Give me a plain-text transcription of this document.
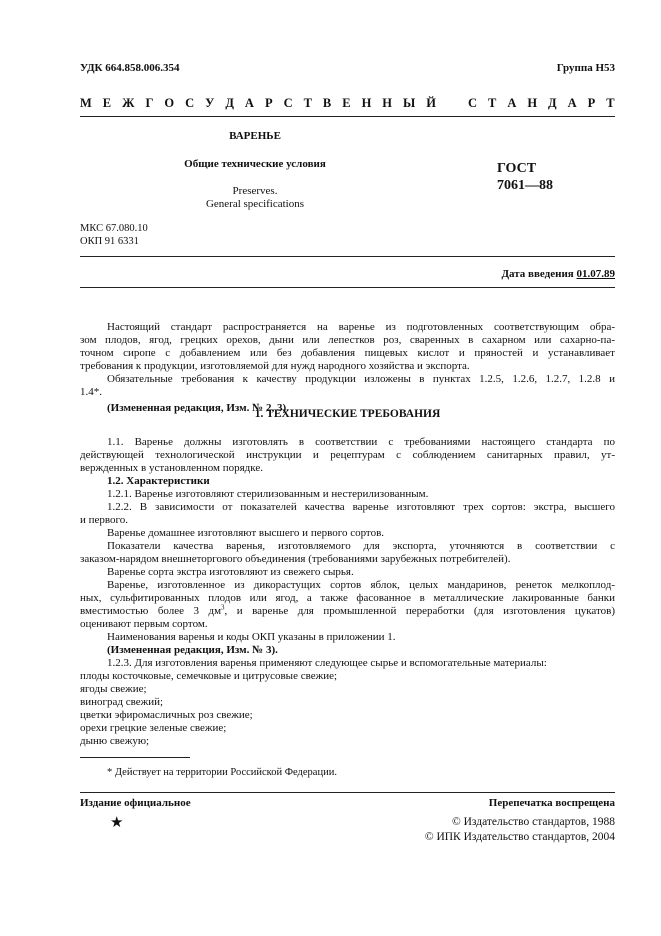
УДК 664.858.006.354	Группа Н53
М Е Ж Г О С У Д А Р С Т В Е Н Н Ы Й	С Т А Н Д А Р Т
ВАРЕНЬЕ
Общие технические условия
Preserves.
General specifications
ГОСТ
7061—88
МКС 67.080.10
ОКП 91 6331
Дата введения 01.07.89

Настоящий стандарт распространяется на варенье из подготовленных соответствующим обра-

зом плодов, ягод, грецких орехов, дыни или лепестков роз, сваренных в сахарном или сахарно-па-

точном сиропе с добавлением или без добавления пищевых кислот и пряностей и устанавливает

требования к продукции, изготовляемой для нужд народного хозяйства и экспорта.

Обязательные требования к качеству продукции изложены в пунктах 1.2.5, 1.2.6, 1.2.7, 1.2.8 и

1.4*.

(Измененная редакция, Изм. № 2, 3).

1. ТЕХНИЧЕСКИЕ ТРЕБОВАНИЯ

1.1. Варенье должны изготовлять в соответствии с требованиями настоящего стандарта по

действующей технологической инструкции и рецептурам с соблюдением санитарных правил, ут-

вержденных в установленном порядке.

1.2. Характеристики

1.2.1. Варенье изготовляют стерилизованным и нестерилизованным.

1.2.2. В зависимости от показателей качества варенье изготовляют трех сортов: экстра, высшего

и первого.

Варенье домашнее изготовляют высшего и первого сортов.

Показатели качества варенья, изготовляемого для экспорта, уточняются в соответствии с

заказом-нарядом внешнеторгового объединения (требованиями зарубежных потребителей).

Варенье сорта экстра изготовляют из свежего сырья.

Варенье, изготовленное из дикорастущих сортов яблок, целых мандаринов, ренеток мелкоплод-

ных, сульфитированных плодов или ягод, а также фасованное в металлические лакированные банки

вместимостью более 3 $дм^3$, и варенье для промышленной переработки (для изготовления цукатов)

оценивают первым сортом.

Наименования варенья и коды ОКП указаны в приложении 1.

(Измененная редакция, Изм. № 3).

1.2.3. Для изготовления варенья применяют следующее сырье и вспомогательные материалы:

плоды косточковые, семечковые и цитрусовые свежие;

ягоды свежие;

виноград свежий;

цветки эфиромасличных роз свежие;

орехи грецкие зеленые свежие;

дыню свежую;

* Действует на территории Российской Федерации.
Издание официальное	Перепечатка воспрещена
★	© Издательство стандартов, 1988
© ИПК Издательство стандартов, 2004
